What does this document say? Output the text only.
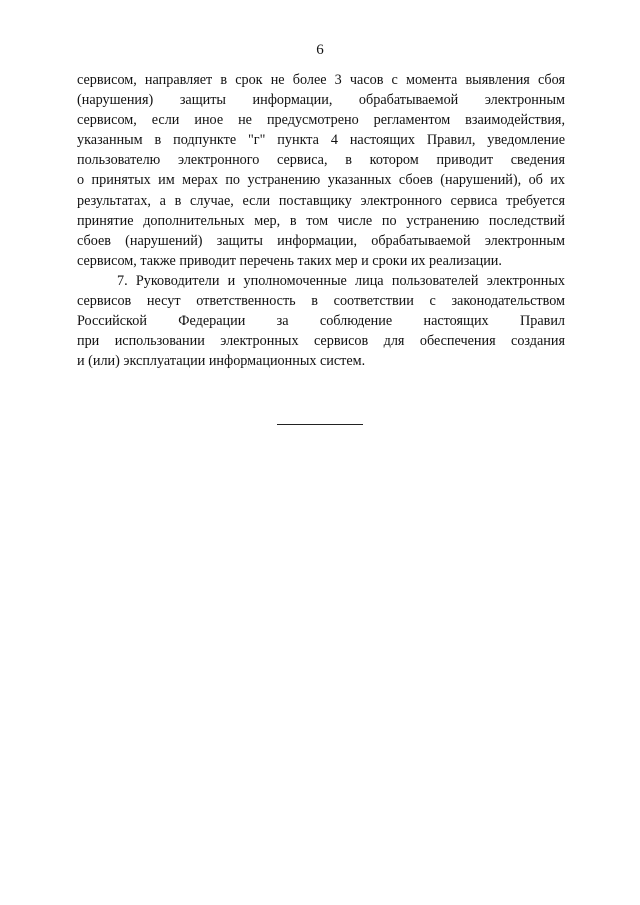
6

сервисом, направляет в срок не более 3 часов с момента выявления сбоя
(нарушения) защиты информации, обрабатываемой электронным
сервисом, если иное не предусмотрено регламентом взаимодействия,
указанным в подпункте "г" пункта 4 настоящих Правил, уведомление
пользователю электронного сервиса, в котором приводит сведения
о принятых им мерах по устранению указанных сбоев (нарушений), об их
результатах, а в случае, если поставщику электронного сервиса требуется
принятие дополнительных мер, в том числе по устранению последствий
сбоев (нарушений) защиты информации, обрабатываемой электронным
сервисом, также приводит перечень таких мер и сроки их реализации.

7. Руководители и уполномоченные лица пользователей электронных
сервисов несут ответственность в соответствии с законодательством
Российской Федерации за соблюдение настоящих Правил
при использовании электронных сервисов для обеспечения создания
и (или) эксплуатации информационных систем.
